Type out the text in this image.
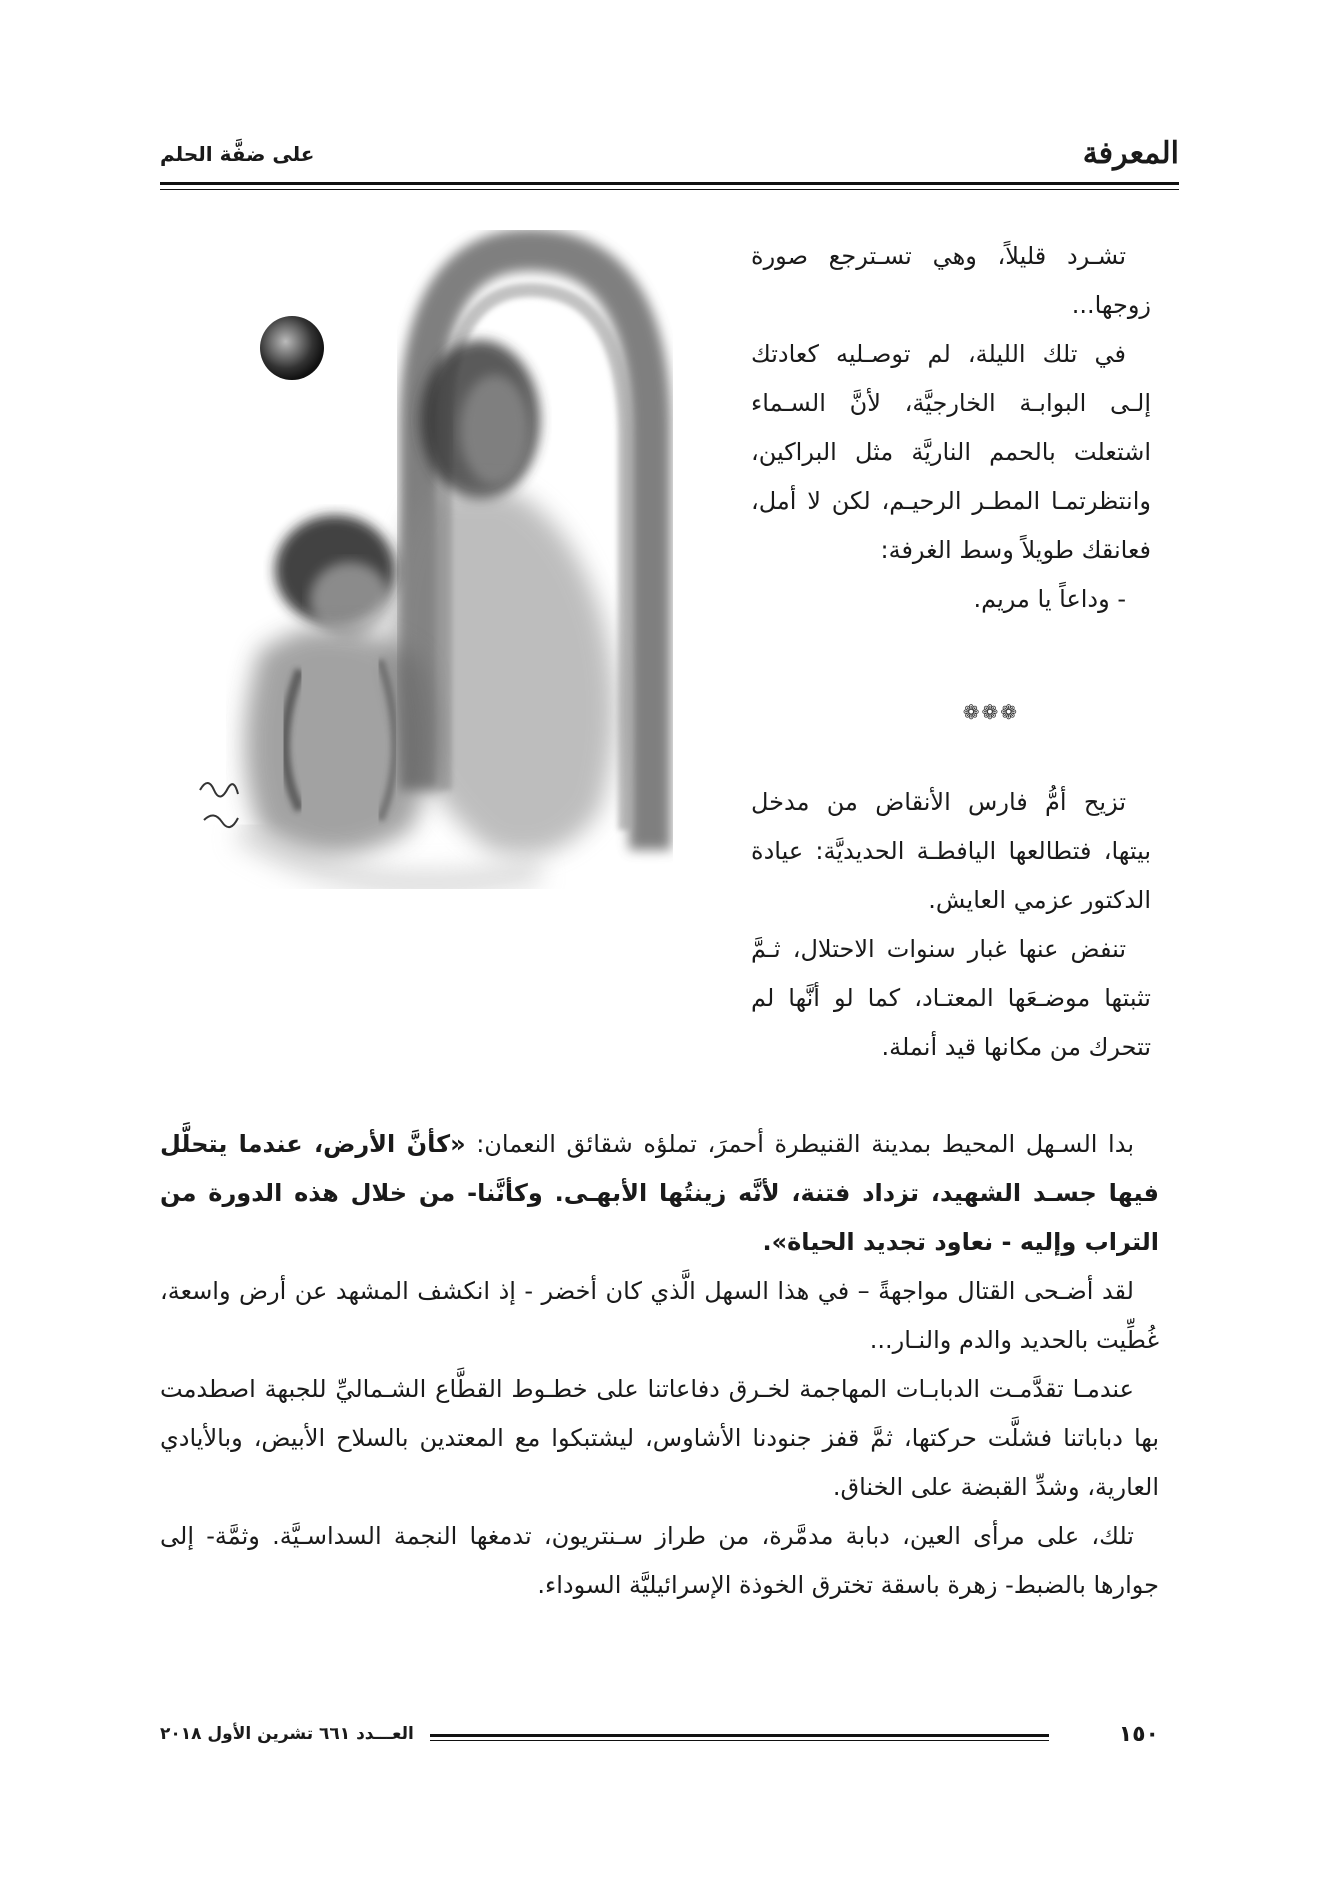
المعرفة
على ضفَّة الحلم

تشـرد قليلاً، وهي تسـترجع صورة زوجها...

في تلك الليلة، لم توصـليه كعادتك إلـى البوابـة الخارجيَّة، لأنَّ السـماء اشتعلت بالحمم الناريَّة مثل البراكين، وانتظرتمـا المطـر الرحيـم، لكن لا أمل، فعانقك طويلاً وسط الغرفة:

- وداعاً يا مريم.

❁❁❁

تزيح أمُّ فارس الأنقاض من مدخل بيتها، فتطالعها اليافطـة الحديديَّة: عيادة الدكتور عزمي العايش.

تنفض عنها غبار سنوات الاحتلال، ثـمَّ تثبتها موضـعَها المعتـاد، كما لو أنَّها لم تتحرك من مكانها قيد أنملة.

بدا السـهل المحيط بمدينة القنيطرة أحمرَ، تملؤه شقائق النعمان: «كأنَّ الأرض، عندما يتحلَّل فيها جسـد الشهيد، تزداد فتنة، لأنَّه زينتُها الأبهـى. وكأنَّنا- من خلال هذه الدورة من التراب وإليه - نعاود تجديد الحياة».

لقد أضـحى القتال مواجهةً – في هذا السهل الَّذي كان أخضر - إذ انكشف المشهد عن أرض واسعة، غُطِّيت بالحديد والدم والنـار...

عندمـا تقدَّمـت الدبابـات المهاجمة لخـرق دفاعاتنا على خطـوط القطَّاع الشـماليِّ للجبهة اصطدمت بها دباباتنا فشلَّت حركتها، ثمَّ قفز جنودنا الأشاوس، ليشتبكوا مع المعتدين بالسلاح الأبيض، وبالأيادي العارية، وشدِّ القبضة على الخناق.

تلك، على مرأى العين، دبابة مدمَّرة، من طراز سـنتريون، تدمغها النجمة السداسـيَّة. وثمَّة- إلى جوارها بالضبط- زهرة باسقة تخترق الخوذة الإسرائيليَّة السوداء.

١٥٠
العـــدد ٦٦١ تشرين الأول ٢٠١٨
